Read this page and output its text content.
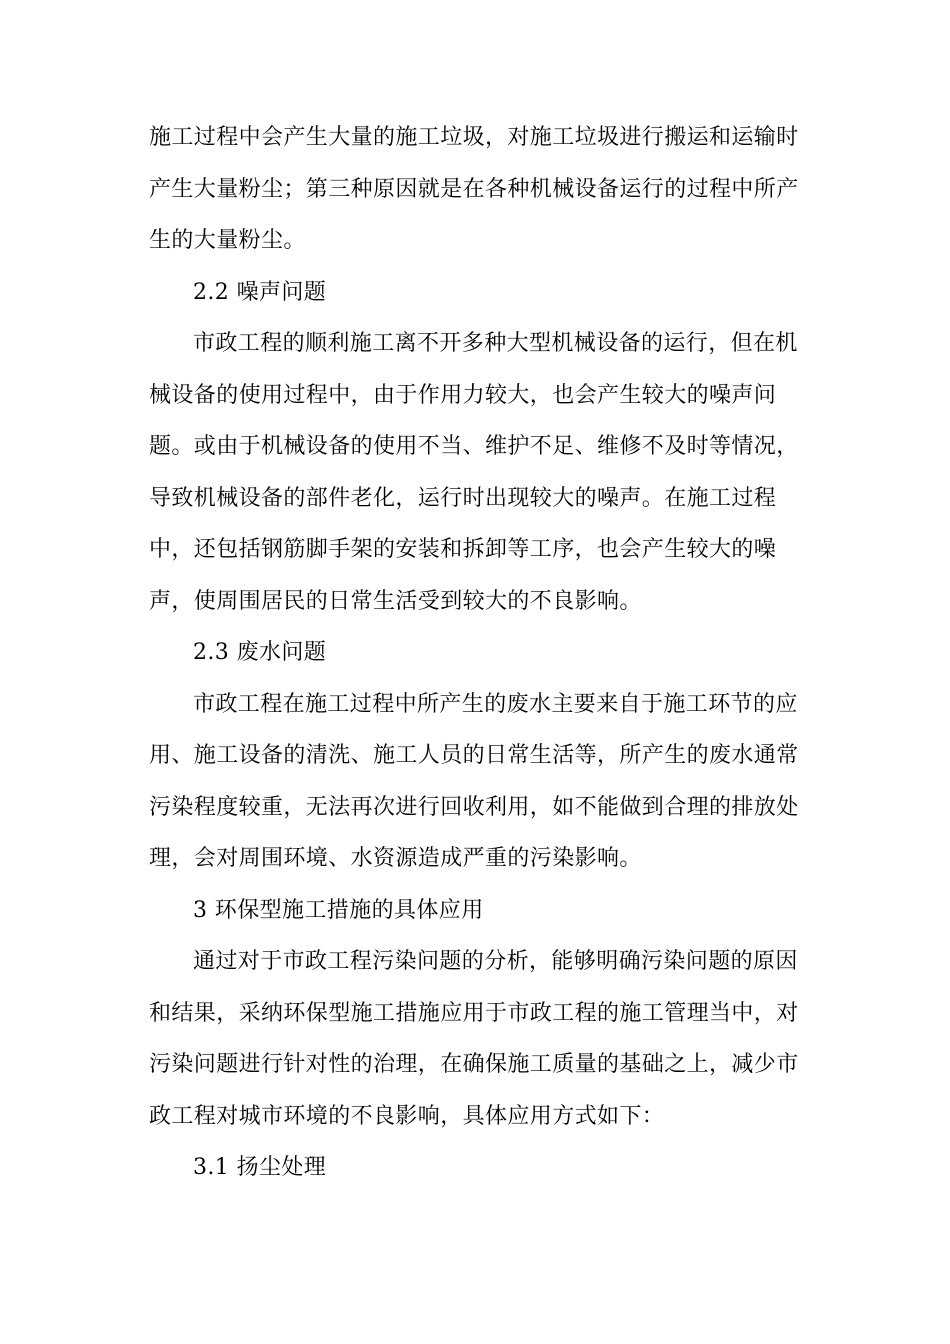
施工过程中会产生大量的施工垃圾，对施工垃圾进行搬运和运输时
产生大量粉尘；第三种原因就是在各种机械设备运行的过程中所产
生的大量粉尘。
2.2 噪声问题
市政工程的顺利施工离不开多种大型机械设备的运行，但在机
械设备的使用过程中，由于作用力较大，也会产生较大的噪声问
题。或由于机械设备的使用不当、维护不足、维修不及时等情况，
导致机械设备的部件老化，运行时出现较大的噪声。在施工过程
中，还包括钢筋脚手架的安装和拆卸等工序，也会产生较大的噪
声，使周围居民的日常生活受到较大的不良影响。
2.3 废水问题
市政工程在施工过程中所产生的废水主要来自于施工环节的应
用、施工设备的清洗、施工人员的日常生活等，所产生的废水通常
污染程度较重，无法再次进行回收利用，如不能做到合理的排放处
理，会对周围环境、水资源造成严重的污染影响。
3 环保型施工措施的具体应用
通过对于市政工程污染问题的分析，能够明确污染问题的原因
和结果，采纳环保型施工措施应用于市政工程的施工管理当中，对
污染问题进行针对性的治理，在确保施工质量的基础之上，减少市
政工程对城市环境的不良影响，具体应用方式如下：
3.1 扬尘处理
